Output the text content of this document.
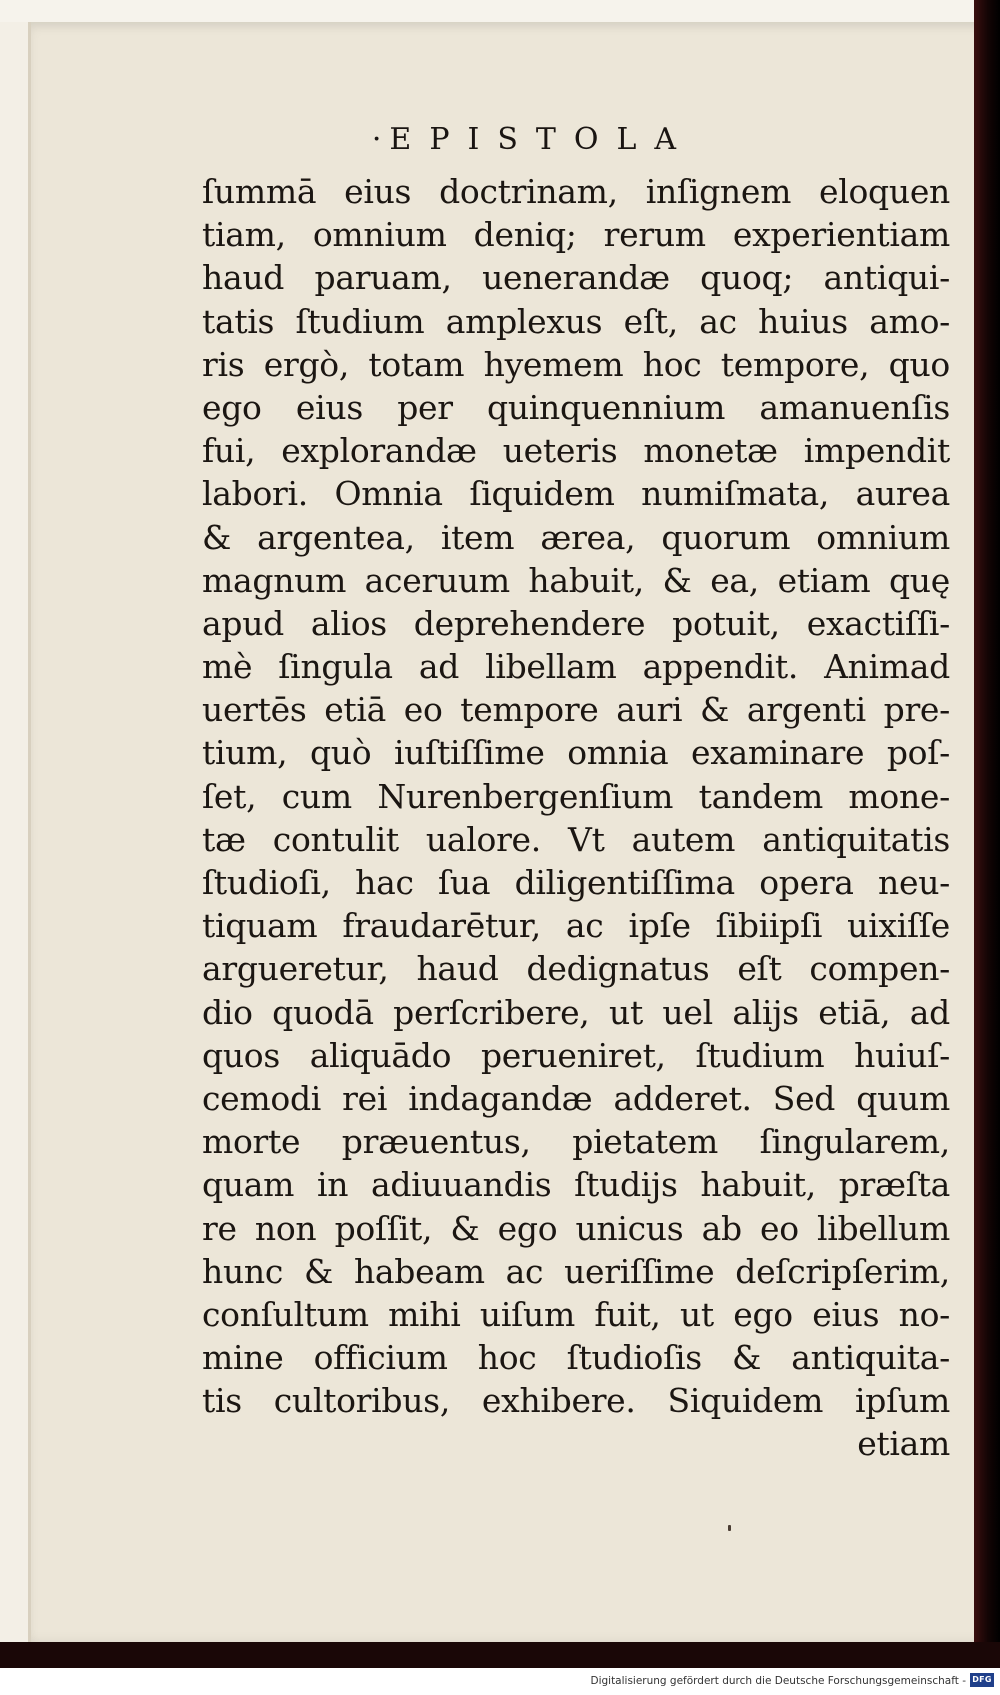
· EPISTOLA
ſummā eius doctrinam, inſignem eloquen
tiam, omnium deniq; rerum experientiam
haud paruam, uenerandæ quoq; antiqui-
tatis ſtudium amplexus eſt, ac huius amo-
ris ergò, totam hyemem hoc tempore, quo
ego eius per quinquennium amanuenſis
fui, explorandæ ueteris monetæ impendit
labori. Omnia ſiquidem numiſmata, aurea
& argentea, item ærea, quorum omnium
magnum aceruum habuit, & ea, etiam quę
apud alios deprehendere potuit, exactiſſi-
mè ſingula ad libellam appendit. Animad
uertēs etiā eo tempore auri & argenti pre-
tium, quò iuſtiſſime omnia examinare poſ-
ſet, cum Nurenbergenſium tandem mone-
tæ contulit ualore. Vt autem antiquitatis
ſtudioſi, hac ſua diligentiſſima opera neu-
tiquam fraudarētur, ac ipſe ſibiipſi uixiſſe
argueretur, haud dedignatus eſt compen-
dio quodā perſcribere, ut uel alijs etiā, ad
quos aliquādo perueniret, ſtudium huiuſ-
cemodi rei indagandæ adderet. Sed quum
morte præuentus, pietatem ſingularem,
quam in adiuuandis ſtudijs habuit, præſta
re non poſſit, & ego unicus ab eo libellum
hunc & habeam ac ueriſſime deſcripſerim,
conſultum mihi uiſum fuit, ut ego eius no-
mine officium hoc ſtudioſis & antiquita-
tis cultoribus, exhibere. Siquidem ipſum
etiam
Digitalisierung gefördert durch die Deutsche Forschungsgemeinschaft - DFG
